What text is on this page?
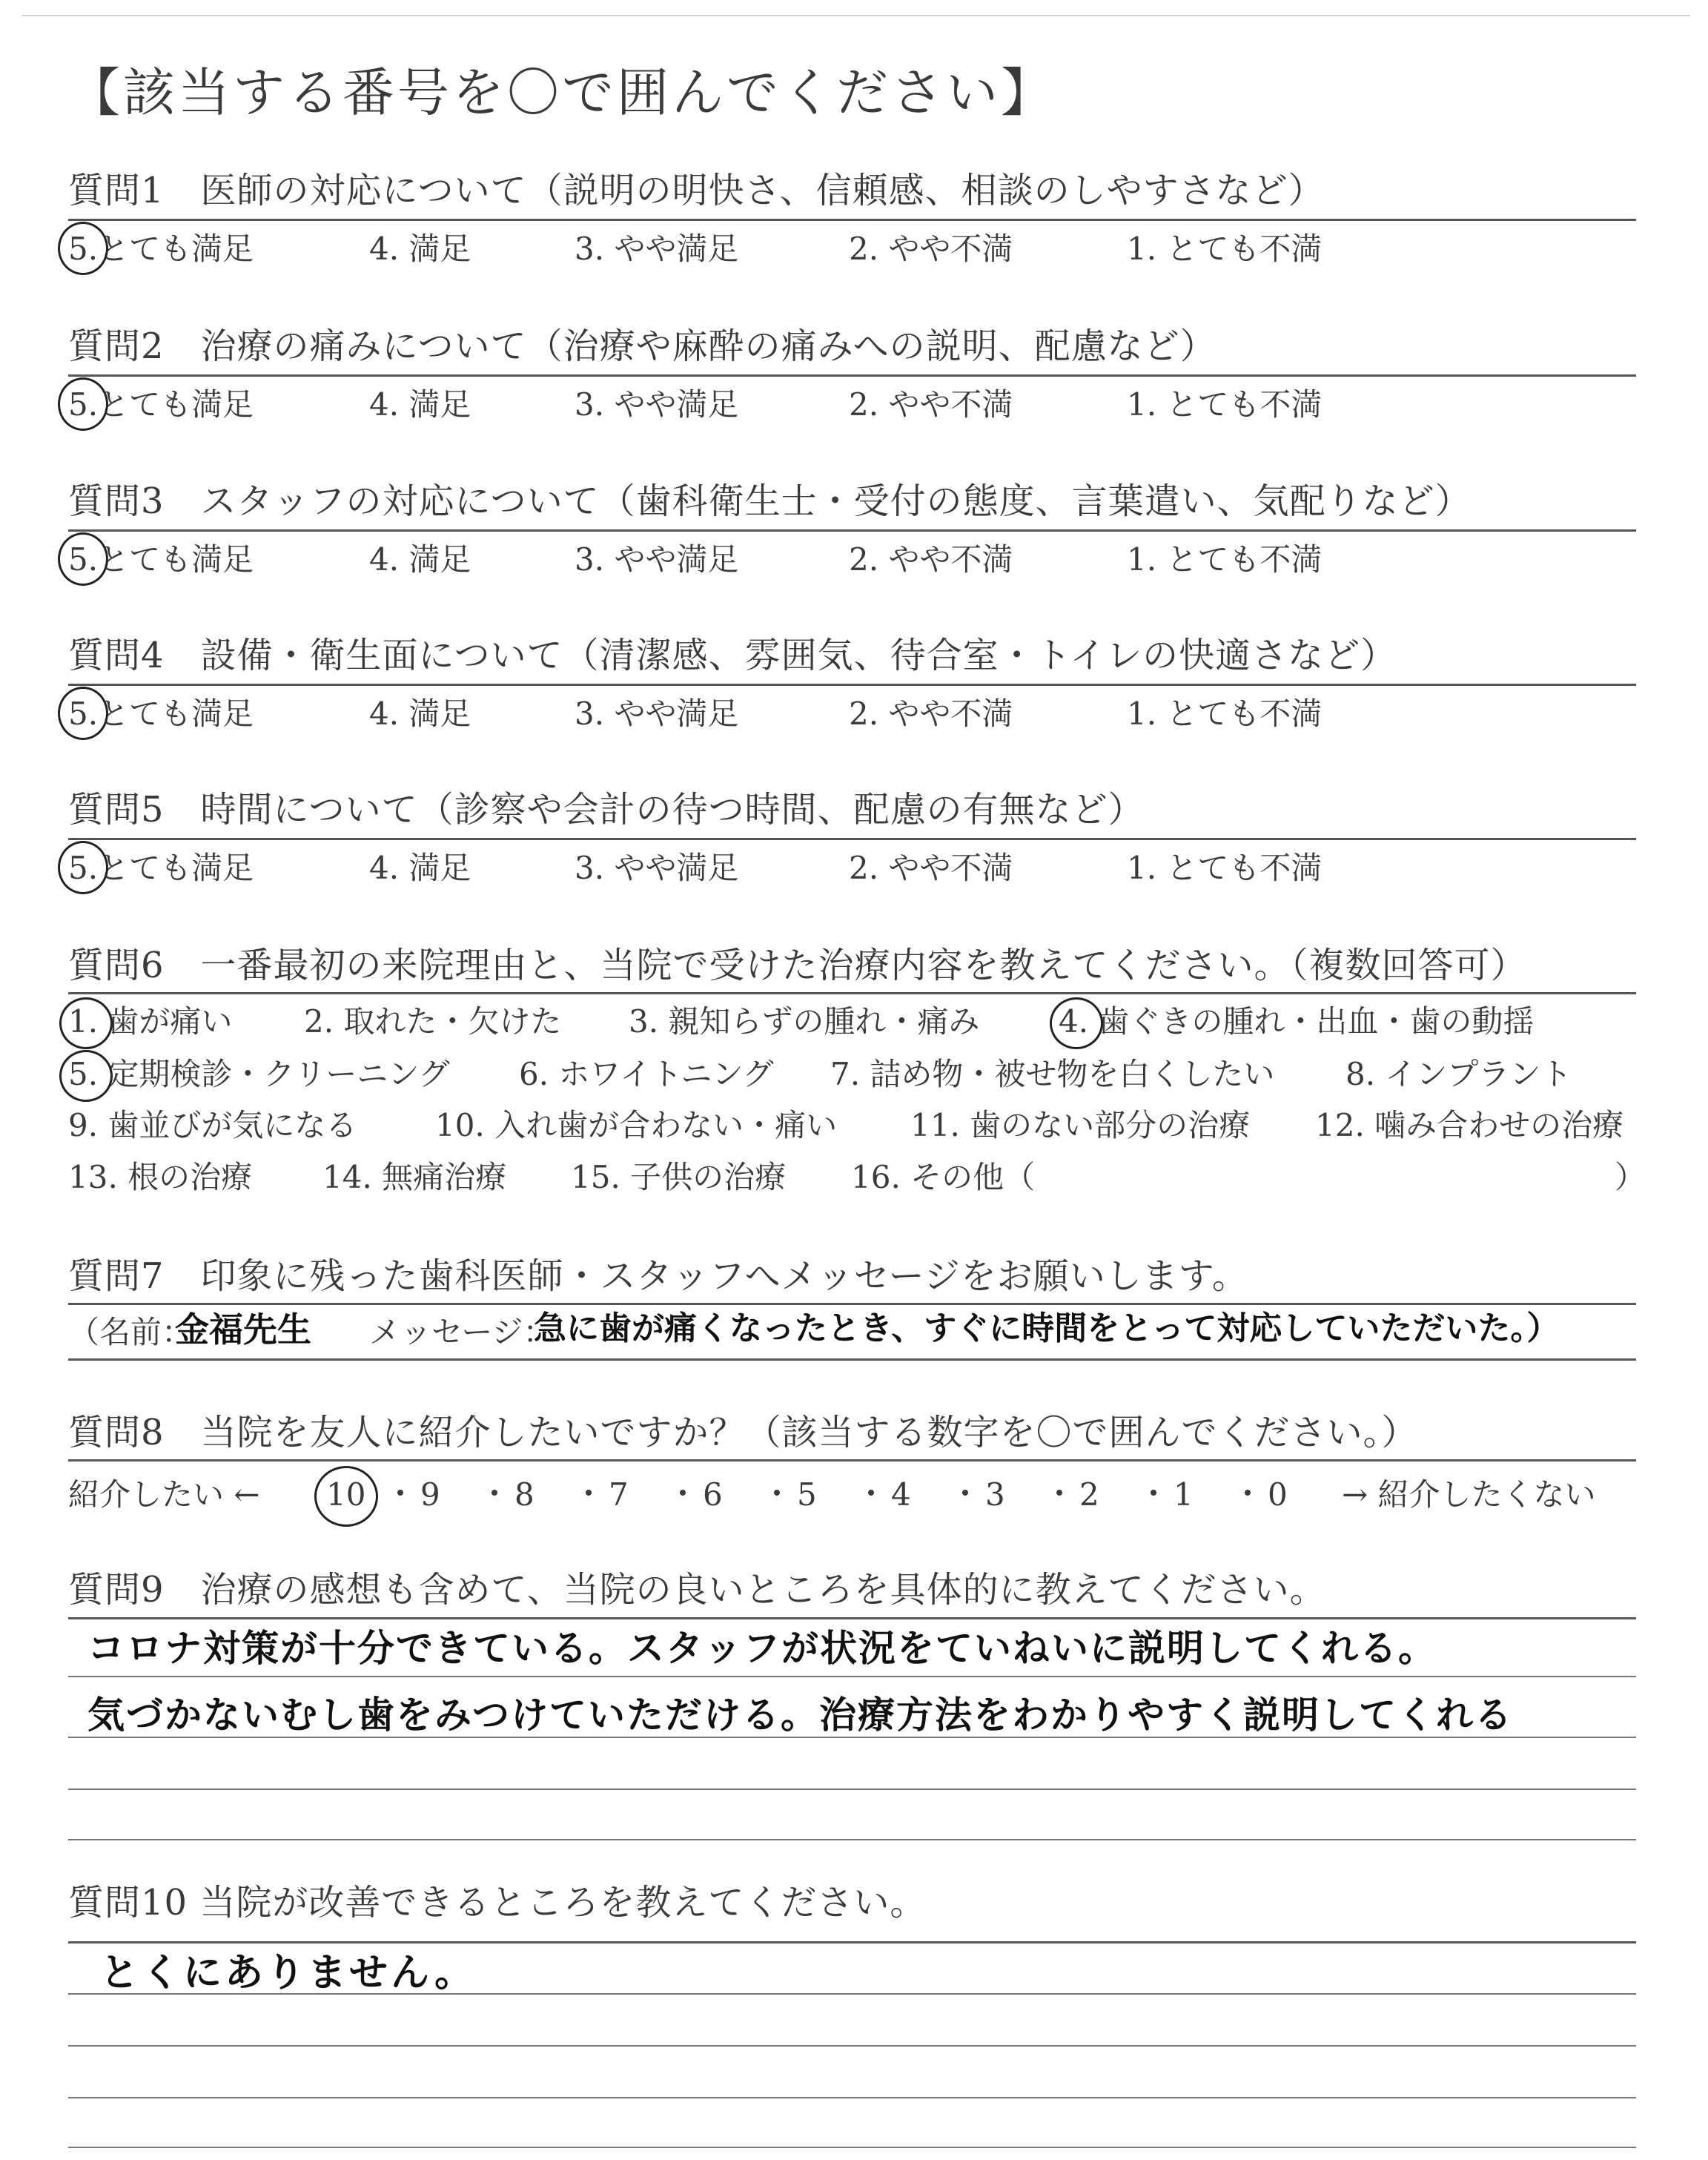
【該当する番号を〇で囲んでください】
質問1　医師の対応について（説明の明快さ、信頼感、相談のしやすさなど）
5.とても満足	4. 満足	3. やや満足	2. やや不満	1. とても不満
質問2　治療の痛みについて（治療や麻酔の痛みへの説明、配慮など）
5.とても満足	4. 満足	3. やや満足	2. やや不満	1. とても不満
質問3　スタッフの対応について（歯科衛生士・受付の態度、言葉遣い、気配りなど）
5.とても満足	4. 満足	3. やや満足	2. やや不満	1. とても不満
質問4　設備・衛生面について（清潔感、雰囲気、待合室・トイレの快適さなど）
5.とても満足	4. 満足	3. やや満足	2. やや不満	1. とても不満
質問5　時間について（診察や会計の待つ時間、配慮の有無など）
5.とても満足	4. 満足	3. やや満足	2. やや不満	1. とても不満
質問6　一番最初の来院理由と、当院で受けた治療内容を教えてください。（複数回答可）
1. 歯が痛い 2. 取れた・欠けた 3. 親知らずの腫れ・痛み	4. 歯ぐきの腫れ・出血・歯の動揺
5. 定期検診・クリーニング 6. ホワイトニング 7. 詰め物・被せ物を白くしたい 8. インプラント
9. 歯並びが気になる	10. 入れ歯が合わない・痛い 11. 歯のない部分の治療 12. 噛み合わせの治療
13. 根の治療 14. 無痛治療 15. 子供の治療 16. その他（	）
質問7　印象に残った歯科医師・スタッフへメッセージをお願いします。
（名前：
金福先生 メッセージ：
急に歯が痛くなったとき、すぐに時間をとって対応していただいた。）
質問8　当院を友人に紹介したいですか？（該当する数字を〇で囲んでください。）
紹介したい ← 10 9 8 7 6 5 4 3 2 1 0 → 紹介したくない
質問9　治療の感想も含めて、当院の良いところを具体的に教えてください。
コロナ対策が十分できている。スタッフが状況をていねいに説明してくれる。
気づかないむし歯をみつけていただける。治療方法をわかりやすく説明してくれる
質問10 当院が改善できるところを教えてください。
とくにありません。
